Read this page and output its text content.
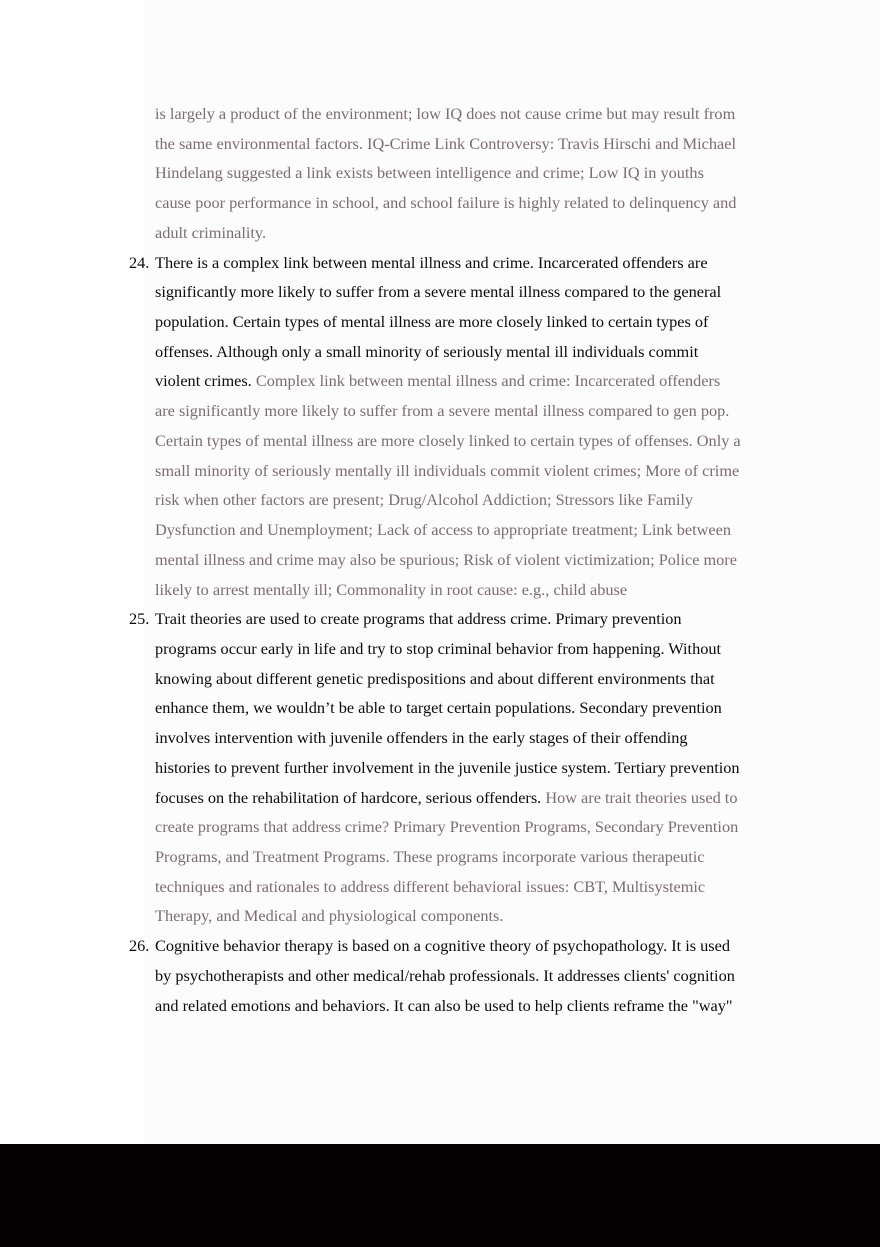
is largely a product of the environment; low IQ does not cause crime but may result from
the same environmental factors. IQ-Crime Link Controversy: Travis Hirschi and Michael
Hindelang suggested a link exists between intelligence and crime; Low IQ in youths
cause poor performance in school, and school failure is highly related to delinquency and
adult criminality.
24. There is a complex link between mental illness and crime. Incarcerated offenders are
significantly more likely to suffer from a severe mental illness compared to the general
population. Certain types of mental illness are more closely linked to certain types of
offenses. Although only a small minority of seriously mental ill individuals commit
violent crimes. Complex link between mental illness and crime: Incarcerated offenders
are significantly more likely to suffer from a severe mental illness compared to gen pop.
Certain types of mental illness are more closely linked to certain types of offenses. Only a
small minority of seriously mentally ill individuals commit violent crimes; More of crime
risk when other factors are present; Drug/Alcohol Addiction; Stressors like Family
Dysfunction and Unemployment; Lack of access to appropriate treatment; Link between
mental illness and crime may also be spurious; Risk of violent victimization; Police more
likely to arrest mentally ill; Commonality in root cause: e.g., child abuse
25. Trait theories are used to create programs that address crime. Primary prevention
programs occur early in life and try to stop criminal behavior from happening. Without
knowing about different genetic predispositions and about different environments that
enhance them, we wouldn’t be able to target certain populations. Secondary prevention
involves intervention with juvenile offenders in the early stages of their offending
histories to prevent further involvement in the juvenile justice system. Tertiary prevention
focuses on the rehabilitation of hardcore, serious offenders. How are trait theories used to
create programs that address crime? Primary Prevention Programs, Secondary Prevention
Programs, and Treatment Programs. These programs incorporate various therapeutic
techniques and rationales to address different behavioral issues: CBT, Multisystemic
Therapy, and Medical and physiological components.
26. Cognitive behavior therapy is based on a cognitive theory of psychopathology. It is used
by psychotherapists and other medical/rehab professionals. It addresses clients' cognition
and related emotions and behaviors. It can also be used to help clients reframe the "way"
